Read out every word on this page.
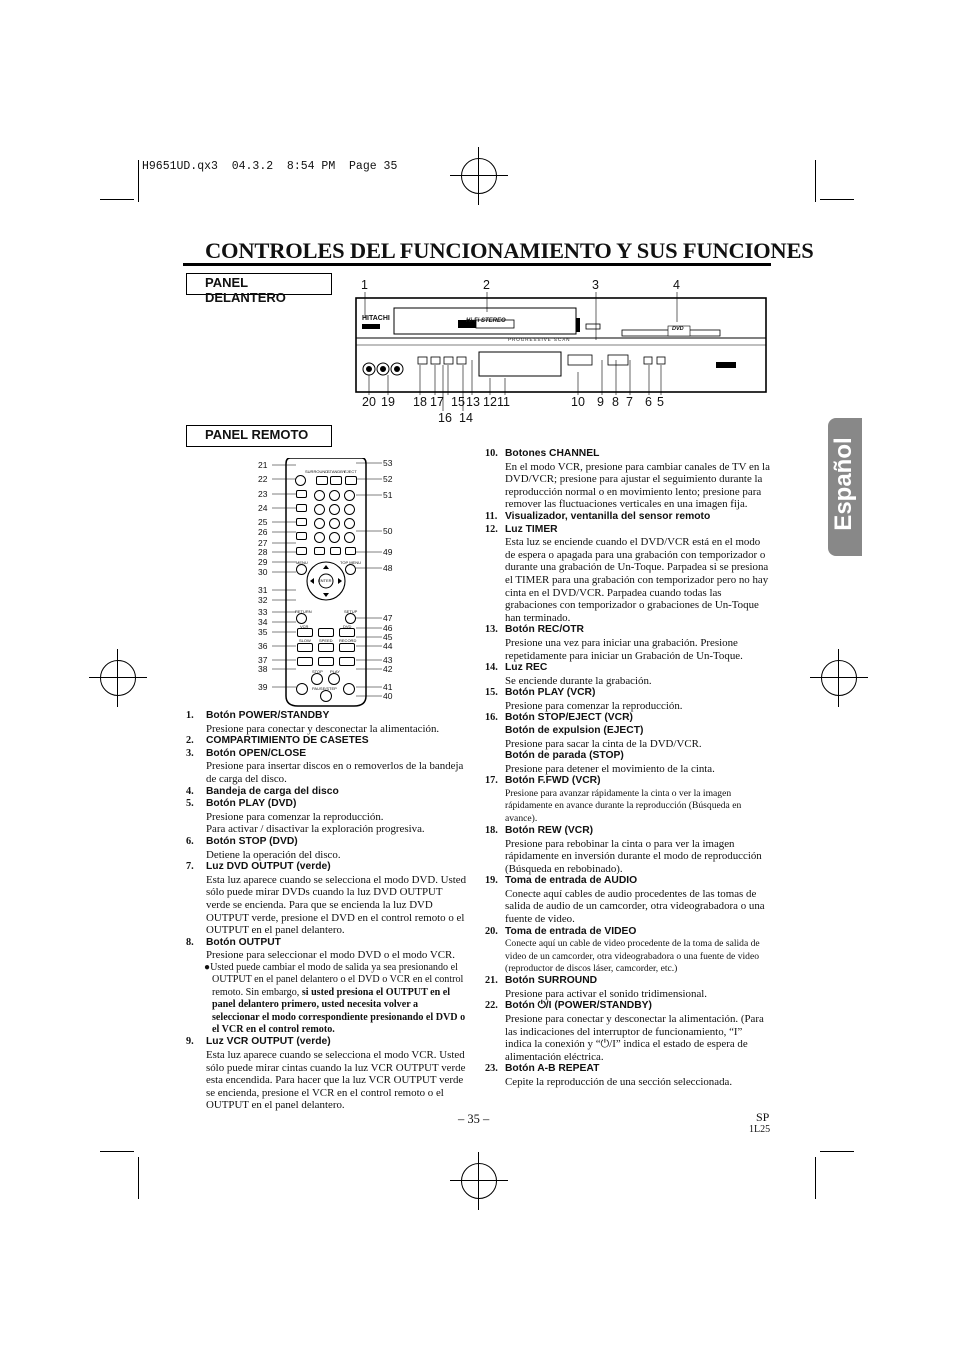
H9651UD.qx3  04.3.2  8:54 PM  Page 35
CONTROLES DEL FUNCIONAMIENTO Y SUS FUNCIONES
PANEL DELANTERO
PANEL REMOTO
Español
HITACHI	Hi-Fi STEREO
PROGRESSIVE SCAN
DVD
1	2	3	4
20 19 18 17 15 13 12 11	10 9 8 7 6 5
16 14
ENTER
SURROUND
STANDBY
EJECT
RETURN	SETUP
MENU	TOP MENU
VCR	DVD
SLOW SPEED RECORD
STOP PLAY
PAUSE/STEP
21
22
23
24
25
26
27
28
29
30
31
32
33
34
35
36
37
38
39
53
52
51
50
49
48
47
46
45
44
43
42
41
40
1. Botón POWER/STANDBY
Presione para conectar y desconectar la alimentación.
2. COMPARTIMIENTO DE CASETES
3. Botón OPEN/CLOSE
Presione para insertar discos en o removerlos de la bandeja de carga del disco.
4. Bandeja de carga del disco
5. Botón PLAY (DVD)
Presione para comenzar la reproducción.
Para activar / disactivar la exploración progresiva.
6. Botón STOP (DVD)
Detiene la operación del disco.
7. Luz DVD OUTPUT (verde)
Esta luz aparece cuando se selecciona el modo DVD. Usted sólo puede mirar DVDs cuando la luz DVD OUTPUT verde se encienda. Para que se encienda la luz DVD OUTPUT verde, presione el DVD en el control remoto o el OUTPUT en el panel delantero.
8. Botón OUTPUT
Presione para seleccionar el modo DVD o el modo VCR.
●Usted puede cambiar el modo de salida ya sea presionando el OUTPUT en el panel delantero o el DVD o VCR en el control remoto. Sin embargo, si usted presiona el OUTPUT en el panel delantero primero, usted necesita volver a seleccionar el modo correspondiente presionando el DVD o el VCR en el control remoto.
9. Luz VCR OUTPUT (verde)
Esta luz aparece cuando se selecciona el modo VCR. Usted sólo puede mirar cintas cuando la luz VCR OUTPUT verde esta encendida. Para hacer que la luz VCR OUTPUT verde se encienda, presione el VCR en el control remoto o el OUTPUT en el panel delantero.
10. Botones CHANNEL
En el modo VCR, presione para cambiar canales de TV en la DVD/VCR; presione para ajustar el seguimiento durante la reproducción normal o en movimiento lento; presione para remover las fluctuaciones verticales en una imagen fija.
11. Visualizador, ventanilla del sensor remoto
12. Luz TIMER
Esta luz se enciende cuando el DVD/VCR está en el modo de espera o apagada para una grabación con temporizador o durante una grabación de Un-Toque. Parpadea si se presiona el TIMER para una grabación con temporizador pero no hay cinta en el DVD/VCR. Parpadea cuando todas las grabaciones con temporizador o grabaciones de Un-Toque han terminado.
13. Botón REC/OTR
Presione una vez para iniciar una grabación. Presione repetidamente para iniciar un Grabación de Un-Toque.
14. Luz REC
Se enciende durante la grabación.
15. Botón PLAY (VCR)
Presione para comenzar la reproducción.
16. Botón STOP/EJECT (VCR)
Botón de expulsion (EJECT)
Presione para sacar la cinta de la DVD/VCR.
Botón de parada (STOP)
Presione para detener el movimiento de la cinta.
17. Botón F.FWD (VCR)
Presione para avanzar rápidamente la cinta o ver la imagen rápidamente en avance durante la reproducción (Búsqueda en avance).
18. Botón REW (VCR)
Presione para rebobinar la cinta o para ver la imagen rápidamente en inversión durante el modo de reproducción (Búsqueda en rebobinado).
19. Toma de entrada de AUDIO
Conecte aquí cables de audio procedentes de las tomas de salida de audio de un camcorder, otra videograbadora o una fuente de video.
20. Toma de entrada de VIDEO
Conecte aquí un cable de video procedente de la toma de salida de video de un camcorder, otra videograbadora o una fuente de video (reproductor de discos láser, camcorder, etc.)
21. Botón SURROUND
Presione para activar el sonido tridimensional.
22. Botón ⏻/I (POWER/STANDBY)
Presione para conectar y desconectar la alimentación. (Para las indicaciones del interruptor de funcionamiento, “I” indica la conexión y “⏻/I” indica el estado de espera de alimentación eléctrica.
23. Botón A-B REPEAT
Cepite la reproducción de una sección seleccionada.
– 35 –	SP
1L25
